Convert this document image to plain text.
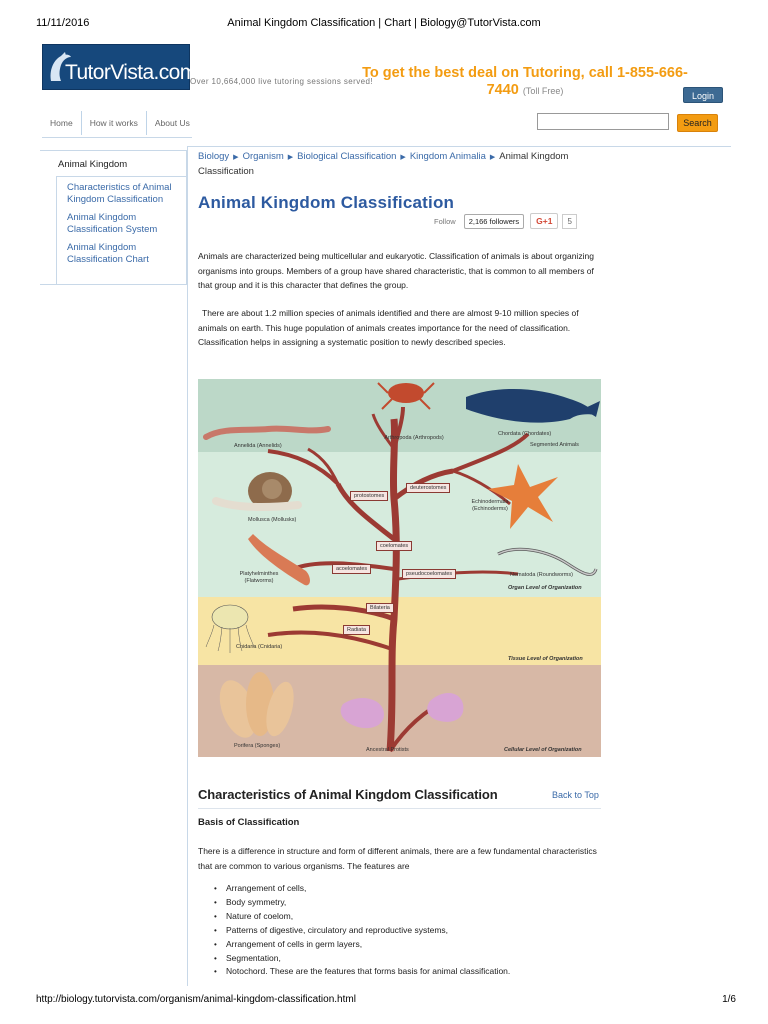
11/11/2016	Animal Kingdom Classification | Chart | Biology@TutorVista.com
TutorVista.com™
Over 10,664,000 live tutoring sessions served!
To get the best deal on Tutoring, call 1-855-666-
7440 (Toll Free)	Login
Home	How it works	About Us	Search
Animal Kingdom
Characteristics of Animal Kingdom Classification
Animal Kingdom Classification System
Animal Kingdom Classification Chart
Biology ▶ Organism ▶ Biological Classification ▶ Kingdom Animalia ▶ Animal Kingdom Classification
Animal Kingdom Classification
Follow	2,166 followers	G+1	5

Animals are characterized being multicellular and eukaryotic. Classification of animals is about organizing organisms into groups. Members of a group have shared characteristic, that is common to all members of that group and it is this character that defines the group.

There are about 1.2 million species of animals identified and there are almost 9-10 million species of animals on earth. This huge population of animals creates importance for the need of classification. Classification helps in assigning a systematic position to newly described species.

Annelida (Annelids)
Arthropoda (Arthropods)
Chordata (Chordates)
Segmented Animals
Mollusca (Mollusks)
Echinodermata (Echinoderms)
Platyhelminthes (Flatworms)
Nematoda (Roundworms)
Cnidaria (Cnidaria)
Porifera (Sponges)
Ancestral Protists
protostomes
deuterostomes
coelomates
acoelomates
pseudocoelomates
Bilateria
Radiata
Organ Level of Organization
Tissue Level of Organization
Cellular Level of Organization
Characteristics of Animal Kingdom Classification	Back to Top
Basis of Classification

There is a difference in structure and form of different animals, there are a few fundamental characteristics that are common to various organisms. The features are

• Arrangement of cells,
• Body symmetry,
• Nature of coelom,
• Patterns of digestive, circulatory and reproductive systems,
• Arrangement of cells in germ layers,
• Segmentation,
• Notochord. These are the features that forms basis for animal classification.
http://biology.tutorvista.com/organism/animal-kingdom-classification.html	1/6
